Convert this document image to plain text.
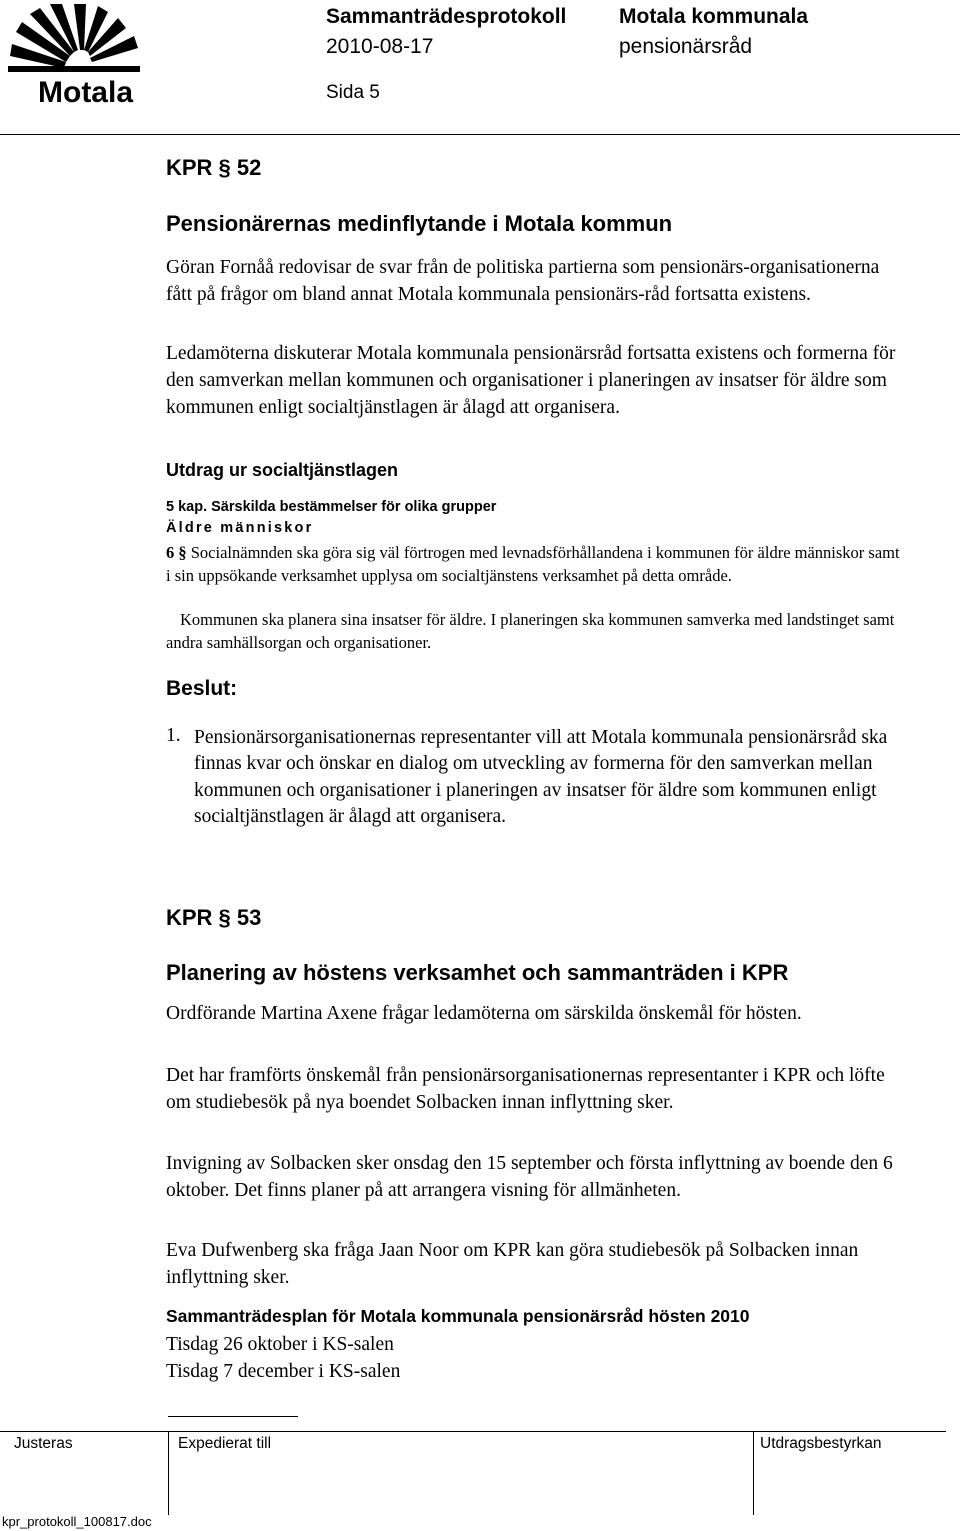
Motala
Sammanträdesprotokoll	Motala kommunala
2010-08-17	pensionärsråd
Sida 5
KPR § 52
Pensionärernas medinflytande i Motala kommun
Göran Fornåå redovisar de svar från de politiska partierna som pensionärs-organisationerna fått på frågor om bland annat Motala kommunala pensionärs-råd fortsatta existens.
Ledamöterna diskuterar Motala kommunala pensionärsråd fortsatta existens och formerna för den samverkan mellan kommunen och organisationer i planeringen av insatser för äldre som kommunen enligt socialtjänstlagen är ålagd att organisera.
Utdrag ur socialtjänstlagen
5 kap. Särskilda bestämmelser för olika grupper
Äldre människor
6 § Socialnämnden ska göra sig väl förtrogen med levnadsförhållandena i kommunen för äldre människor samt i sin uppsökande verksamhet upplysa om socialtjänstens verksamhet på detta område.
Kommunen ska planera sina insatser för äldre. I planeringen ska kommunen samverka med landstinget samt andra samhällsorgan och organisationer.
Beslut:
1. Pensionärsorganisationernas representanter vill att Motala kommunala pensionärsråd ska finnas kvar och önskar en dialog om utveckling av formerna för den samverkan mellan kommunen och organisationer i planeringen av insatser för äldre som kommunen enligt socialtjänstlagen är ålagd att organisera.
KPR § 53
Planering av höstens verksamhet och sammanträden i KPR
Ordförande Martina Axene frågar ledamöterna om särskilda önskemål för hösten.
Det har framförts önskemål från pensionärsorganisationernas representanter i KPR och löfte om studiebesök på nya boendet Solbacken innan inflyttning sker.
Invigning av Solbacken sker onsdag den 15 september och första inflyttning av boende den 6 oktober. Det finns planer på att arrangera visning för allmänheten.
Eva Dufwenberg ska fråga Jaan Noor om KPR kan göra studiebesök på Solbacken innan inflyttning sker.
Sammanträdesplan för Motala kommunala pensionärsråd hösten 2010
Tisdag 26 oktober i KS-salen
Tisdag 7 december i KS-salen
Justeras	Expedierat till	Utdragsbestyrkan
kpr_protokoll_100817.doc
